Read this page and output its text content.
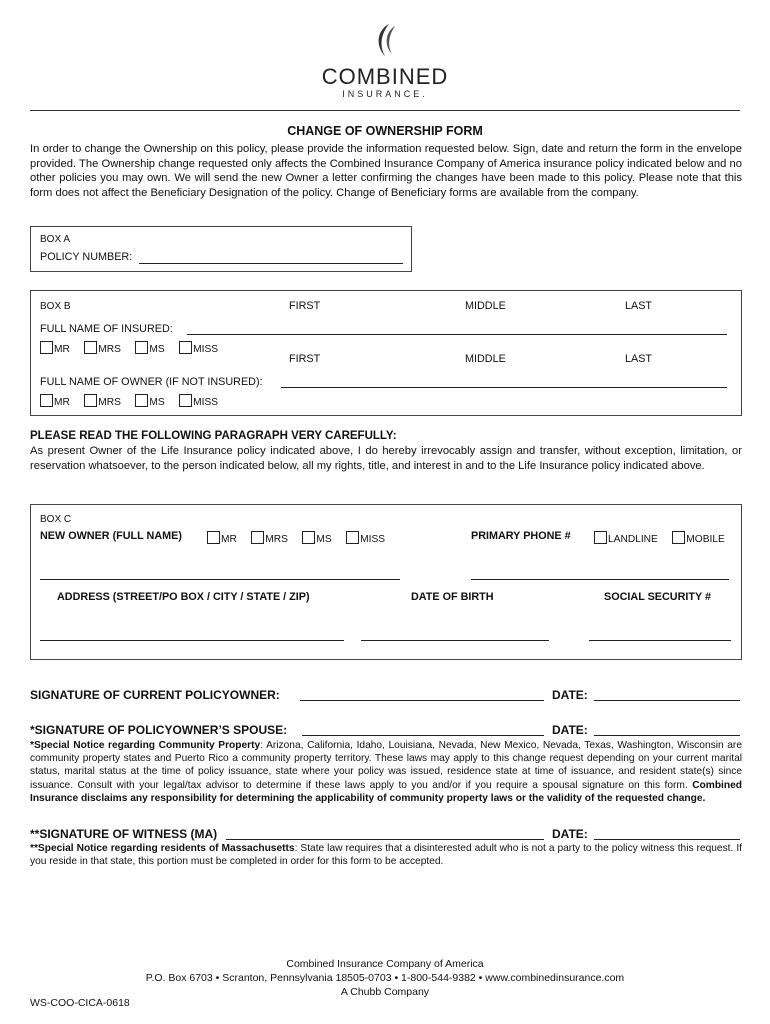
COMBINED
INSURANCE.
CHANGE OF OWNERSHIP FORM
In order to change the Ownership on this policy, please provide the information requested below. Sign, date and return the form in the envelope provided. The Ownership change requested only affects the Combined Insurance Company of America insurance policy indicated below and no other policies you may own. We will send the new Owner a letter confirming the changes have been made to this policy. Please note that this form does not affect the Beneficiary Designation of the policy. Change of Beneficiary forms are available from the company.
BOX A
POLICY NUMBER:
BOX B	FIRST	MIDDLE	LAST
FULL NAME OF INSURED:
MR	MRS	MS	MISS
FIRST	MIDDLE	LAST
FULL NAME OF OWNER (IF NOT INSURED):
MR	MRS	MS	MISS
PLEASE READ THE FOLLOWING PARAGRAPH VERY CAREFULLY:
As present Owner of the Life Insurance policy indicated above, I do hereby irrevocably assign and transfer, without exception, limitation, or reservation whatsoever, to the person indicated below, all my rights, title, and interest in and to the Life Insurance policy indicated above.
BOX C
NEW OWNER (FULL NAME)	MR	MRS	MS	MISS	PRIMARY PHONE #	LANDLINE	MOBILE
ADDRESS (STREET/PO BOX / CITY / STATE / ZIP)	DATE OF BIRTH	SOCIAL SECURITY #
SIGNATURE OF CURRENT POLICYOWNER:	DATE:
*SIGNATURE OF POLICYOWNER’S SPOUSE:	DATE:
*Special Notice regarding Community Property: Arizona, California, Idaho, Louisiana, Nevada, New Mexico, Nevada, Texas, Washington, Wisconsin are community property states and Puerto Rico a community property territory. These laws may apply to this change request depending on your current marital status, marital status at the time of policy issuance, state where your policy was issued, residence state at time of issuance, and resident state(s) since issuance. Consult with your legal/tax advisor to determine if these laws apply to you and/or if you require a spousal signature on this form. Combined Insurance disclaims any responsibility for determining the applicability of community property laws or the validity of the requested change.
**SIGNATURE OF WITNESS (MA)	DATE:
**Special Notice regarding residents of Massachusetts: State law requires that a disinterested adult who is not a party to the policy witness this request. If you reside in that state, this portion must be completed in order for this form to be accepted.
Combined Insurance Company of America
P.O. Box 6703 • Scranton, Pennsylvania 18505-0703 • 1-800-544-9382 • www.combinedinsurance.com
A Chubb Company
WS-COO-CICA-0618
